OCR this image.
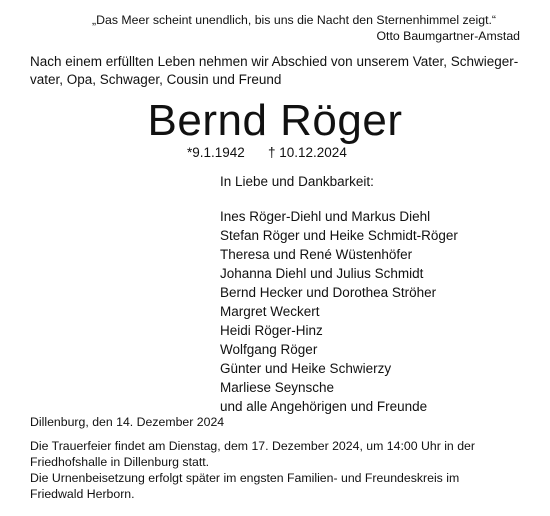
„Das Meer scheint unendlich, bis uns die Nacht den Sternenhimmel zeigt.“
Otto Baumgartner-Amstad
Nach einem erfüllten Leben nehmen wir Abschied von unserem Vater, Schwieger-
vater, Opa, Schwager, Cousin und Freund
Bernd Röger
*9.1.1942 † 10.12.2024
In Liebe und Dankbarkeit:
Ines Röger-Diehl und Markus Diehl
Stefan Röger und Heike Schmidt-Röger
Theresa und René Wüstenhöfer
Johanna Diehl und Julius Schmidt
Bernd Hecker und Dorothea Ströher
Margret Weckert
Heidi Röger-Hinz
Wolfgang Röger
Günter und Heike Schwierzy
Marliese Seynsche
und alle Angehörigen und Freunde
Dillenburg, den 14. Dezember 2024
Die Trauerfeier findet am Dienstag, dem 17. Dezember 2024, um 14:00 Uhr in der
Friedhofshalle in Dillenburg statt.
Die Urnenbeisetzung erfolgt später im engsten Familien- und Freundeskreis im
Friedwald Herborn.
